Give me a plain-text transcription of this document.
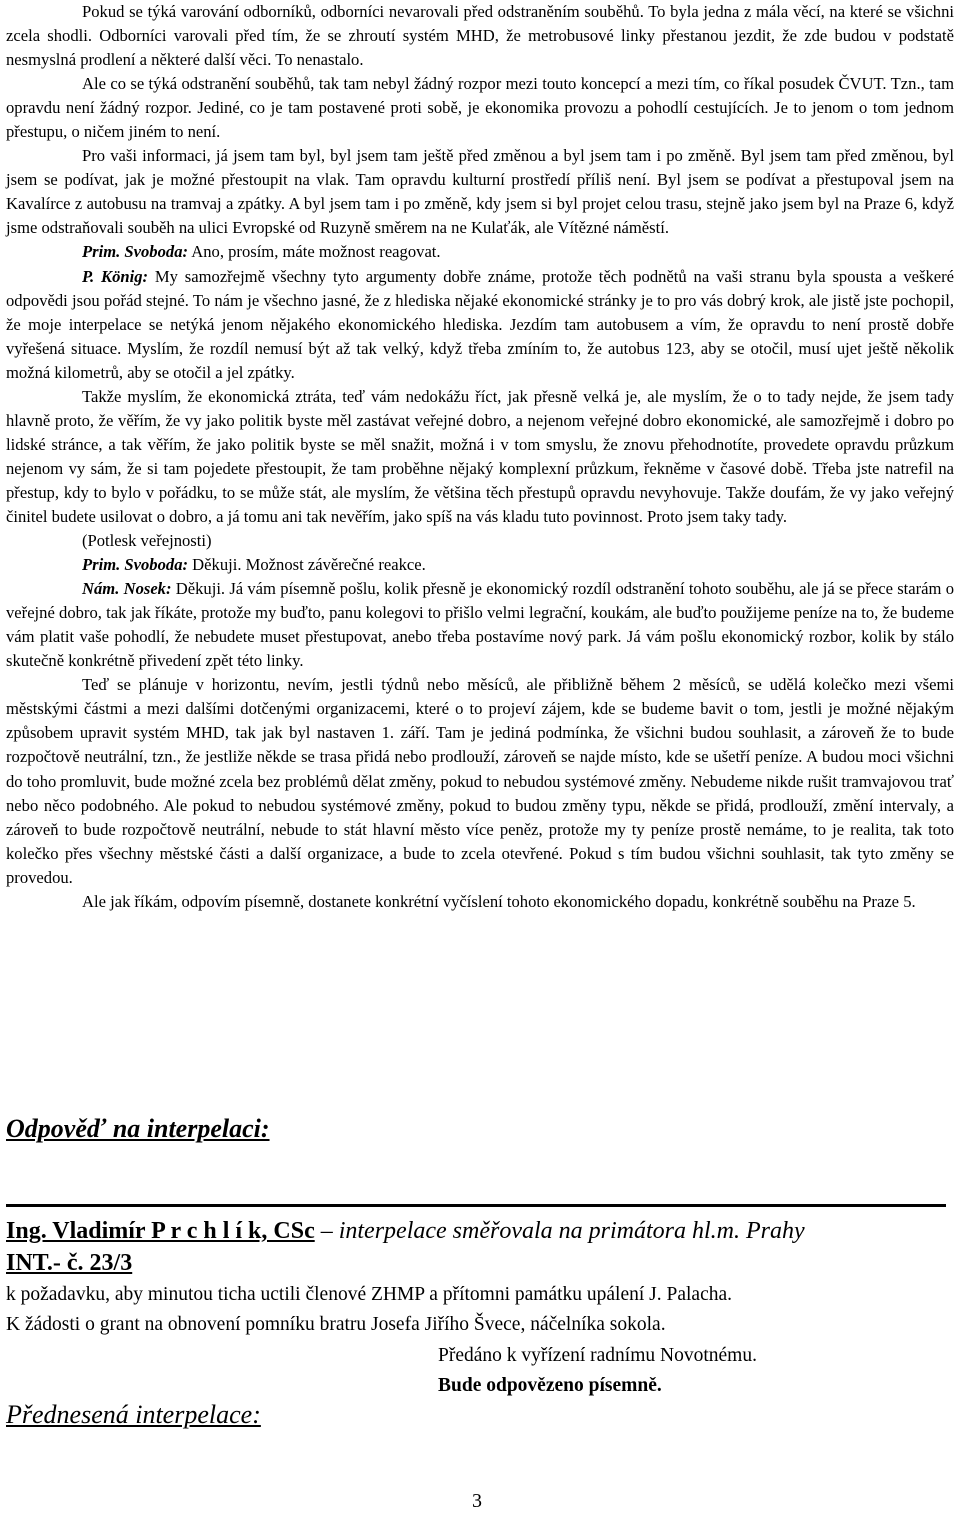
Pokud se týká varování odborníků, odborníci nevarovali před odstraněním souběhů. To byla jedna z mála věcí, na které se všichni zcela shodli. Odborníci varovali před tím, že se zhroutí systém MHD, že metrobusové linky přestanou jezdit, že zde budou v podstatě nesmyslná prodlení a některé další věci. To nenastalo.

Ale co se týká odstranění souběhů, tak tam nebyl žádný rozpor mezi touto koncepcí a mezi tím, co říkal posudek ČVUT. Tzn., tam opravdu není žádný rozpor. Jediné, co je tam postavené proti sobě, je ekonomika provozu a pohodlí cestujících. Je to jenom o tom jednom přestupu, o ničem jiném to není.

Pro vaši informaci, já jsem tam byl, byl jsem tam ještě před změnou a byl jsem tam i po změně. Byl jsem tam před změnou, byl jsem se podívat, jak je možné přestoupit na vlak. Tam opravdu kulturní prostředí příliš není. Byl jsem se podívat a přestupoval jsem na Kavalírce z autobusu na tramvaj a zpátky. A byl jsem tam i po změně, kdy jsem si byl projet celou trasu, stejně jako jsem byl na Praze 6, když jsme odstraňovali souběh na ulici Evropské od Ruzyně směrem na ne Kulaťák, ale Vítězné náměstí.

Prim. Svoboda: Ano, prosím, máte možnost reagovat.

P. König: My samozřejmě všechny tyto argumenty dobře známe, protože těch podnětů na vaši stranu byla spousta a veškeré odpovědi jsou pořád stejné. To nám je všechno jasné, že z hlediska nějaké ekonomické stránky je to pro vás dobrý krok, ale jistě jste pochopil, že moje interpelace se netýká jenom nějakého ekonomického hlediska. Jezdím tam autobusem a vím, že opravdu to není prostě dobře vyřešená situace. Myslím, že rozdíl nemusí být až tak velký, když třeba zmíním to, že autobus 123, aby se otočil, musí ujet ještě několik možná kilometrů, aby se otočil a jel zpátky.

Takže myslím, že ekonomická ztráta, teď vám nedokážu říct, jak přesně velká je, ale myslím, že o to tady nejde, že jsem tady hlavně proto, že věřím, že vy jako politik byste měl zastávat veřejné dobro, a nejenom veřejné dobro ekonomické, ale samozřejmě i dobro po lidské stránce, a tak věřím, že jako politik byste se měl snažit, možná i v tom smyslu, že znovu přehodnotíte, provedete opravdu průzkum nejenom vy sám, že si tam pojedete přestoupit, že tam proběhne nějaký komplexní průzkum, řekněme v časové době. Třeba jste natrefil na přestup, kdy to bylo v pořádku, to se může stát, ale myslím, že většina těch přestupů opravdu nevyhovuje. Takže doufám, že vy jako veřejný činitel budete usilovat o dobro, a já tomu ani tak nevěřím, jako spíš na vás kladu tuto povinnost. Proto jsem taky tady.

(Potlesk veřejnosti)

Prim. Svoboda: Děkuji. Možnost závěrečné reakce.

Nám. Nosek: Děkuji. Já vám písemně pošlu, kolik přesně je ekonomický rozdíl odstranění tohoto souběhu, ale já se přece starám o veřejné dobro, tak jak říkáte, protože my buďto, panu kolegovi to přišlo velmi legrační, koukám, ale buďto použijeme peníze na to, že budeme vám platit vaše pohodlí, že nebudete muset přestupovat, anebo třeba postavíme nový park. Já vám pošlu ekonomický rozbor, kolik by stálo skutečně konkrétně přivedení zpět této linky.

Teď se plánuje v horizontu, nevím, jestli týdnů nebo měsíců, ale přibližně během 2 měsíců, se udělá kolečko mezi všemi městskými částmi a mezi dalšími dotčenými organizacemi, které o to projeví zájem, kde se budeme bavit o tom, jestli je možné nějakým způsobem upravit systém MHD, tak jak byl nastaven 1. září. Tam je jediná podmínka, že všichni budou souhlasit, a zároveň že to bude rozpočtově neutrální, tzn., že jestliže někde se trasa přidá nebo prodlouží, zároveň se najde místo, kde se ušetří peníze. A budou moci všichni do toho promluvit, bude možné zcela bez problémů dělat změny, pokud to nebudou systémové změny. Nebudeme nikde rušit tramvajovou trať nebo něco podobného. Ale pokud to nebudou systémové změny, pokud to budou změny typu, někde se přidá, prodlouží, změní intervaly, a zároveň to bude rozpočtově neutrální, nebude to stát hlavní město více peněz, protože my ty peníze prostě nemáme, to je realita, tak toto kolečko přes všechny městské části a další organizace, a bude to zcela otevřené. Pokud s tím budou všichni souhlasit, tak tyto změny se provedou.

Ale jak říkám, odpovím písemně, dostanete konkrétní vyčíslení tohoto ekonomického dopadu, konkrétně souběhu na Praze 5.

Odpověď na interpelaci:
Ing. Vladimír P r c h l í k, CSc – interpelace směřovala na primátora hl.m. Prahy
INT.- č. 23/3
k požadavku, aby minutou ticha uctili členové ZHMP a přítomni památku upálení J. Palacha.
K žádosti o grant na obnovení pomníku bratru Josefa Jiřího Švece, náčelníka sokola.
Předáno k vyřízení radnímu Novotnému.
Bude odpovězeno písemně.
Přednesená interpelace:
3
